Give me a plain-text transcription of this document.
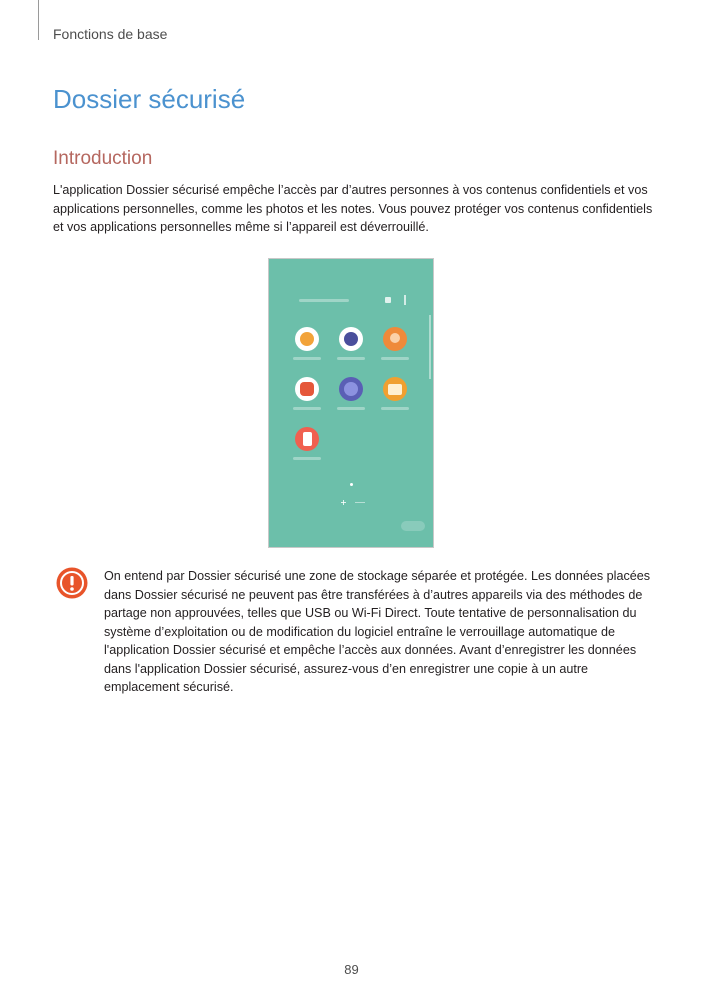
Fonctions de base
Dossier sécurisé
Introduction

L'application Dossier sécurisé empêche l’accès par d’autres personnes à vos contenus confidentiels et vos applications personnelles, comme les photos et les notes. Vous pouvez protéger vos contenus confidentiels et vos applications personnelles même si l’appareil est déverrouillé.

On entend par Dossier sécurisé une zone de stockage séparée et protégée. Les données placées dans Dossier sécurisé ne peuvent pas être transférées à d’autres appareils via des méthodes de partage non approuvées, telles que USB ou Wi-Fi Direct. Toute tentative de personnalisation du système d’exploitation ou de modification du logiciel entraîne le verrouillage automatique de l'application Dossier sécurisé et empêche l’accès aux données. Avant d’enregistrer les données dans l'application Dossier sécurisé, assurez-vous d’en enregistrer une copie à un autre emplacement sécurisé.

89
